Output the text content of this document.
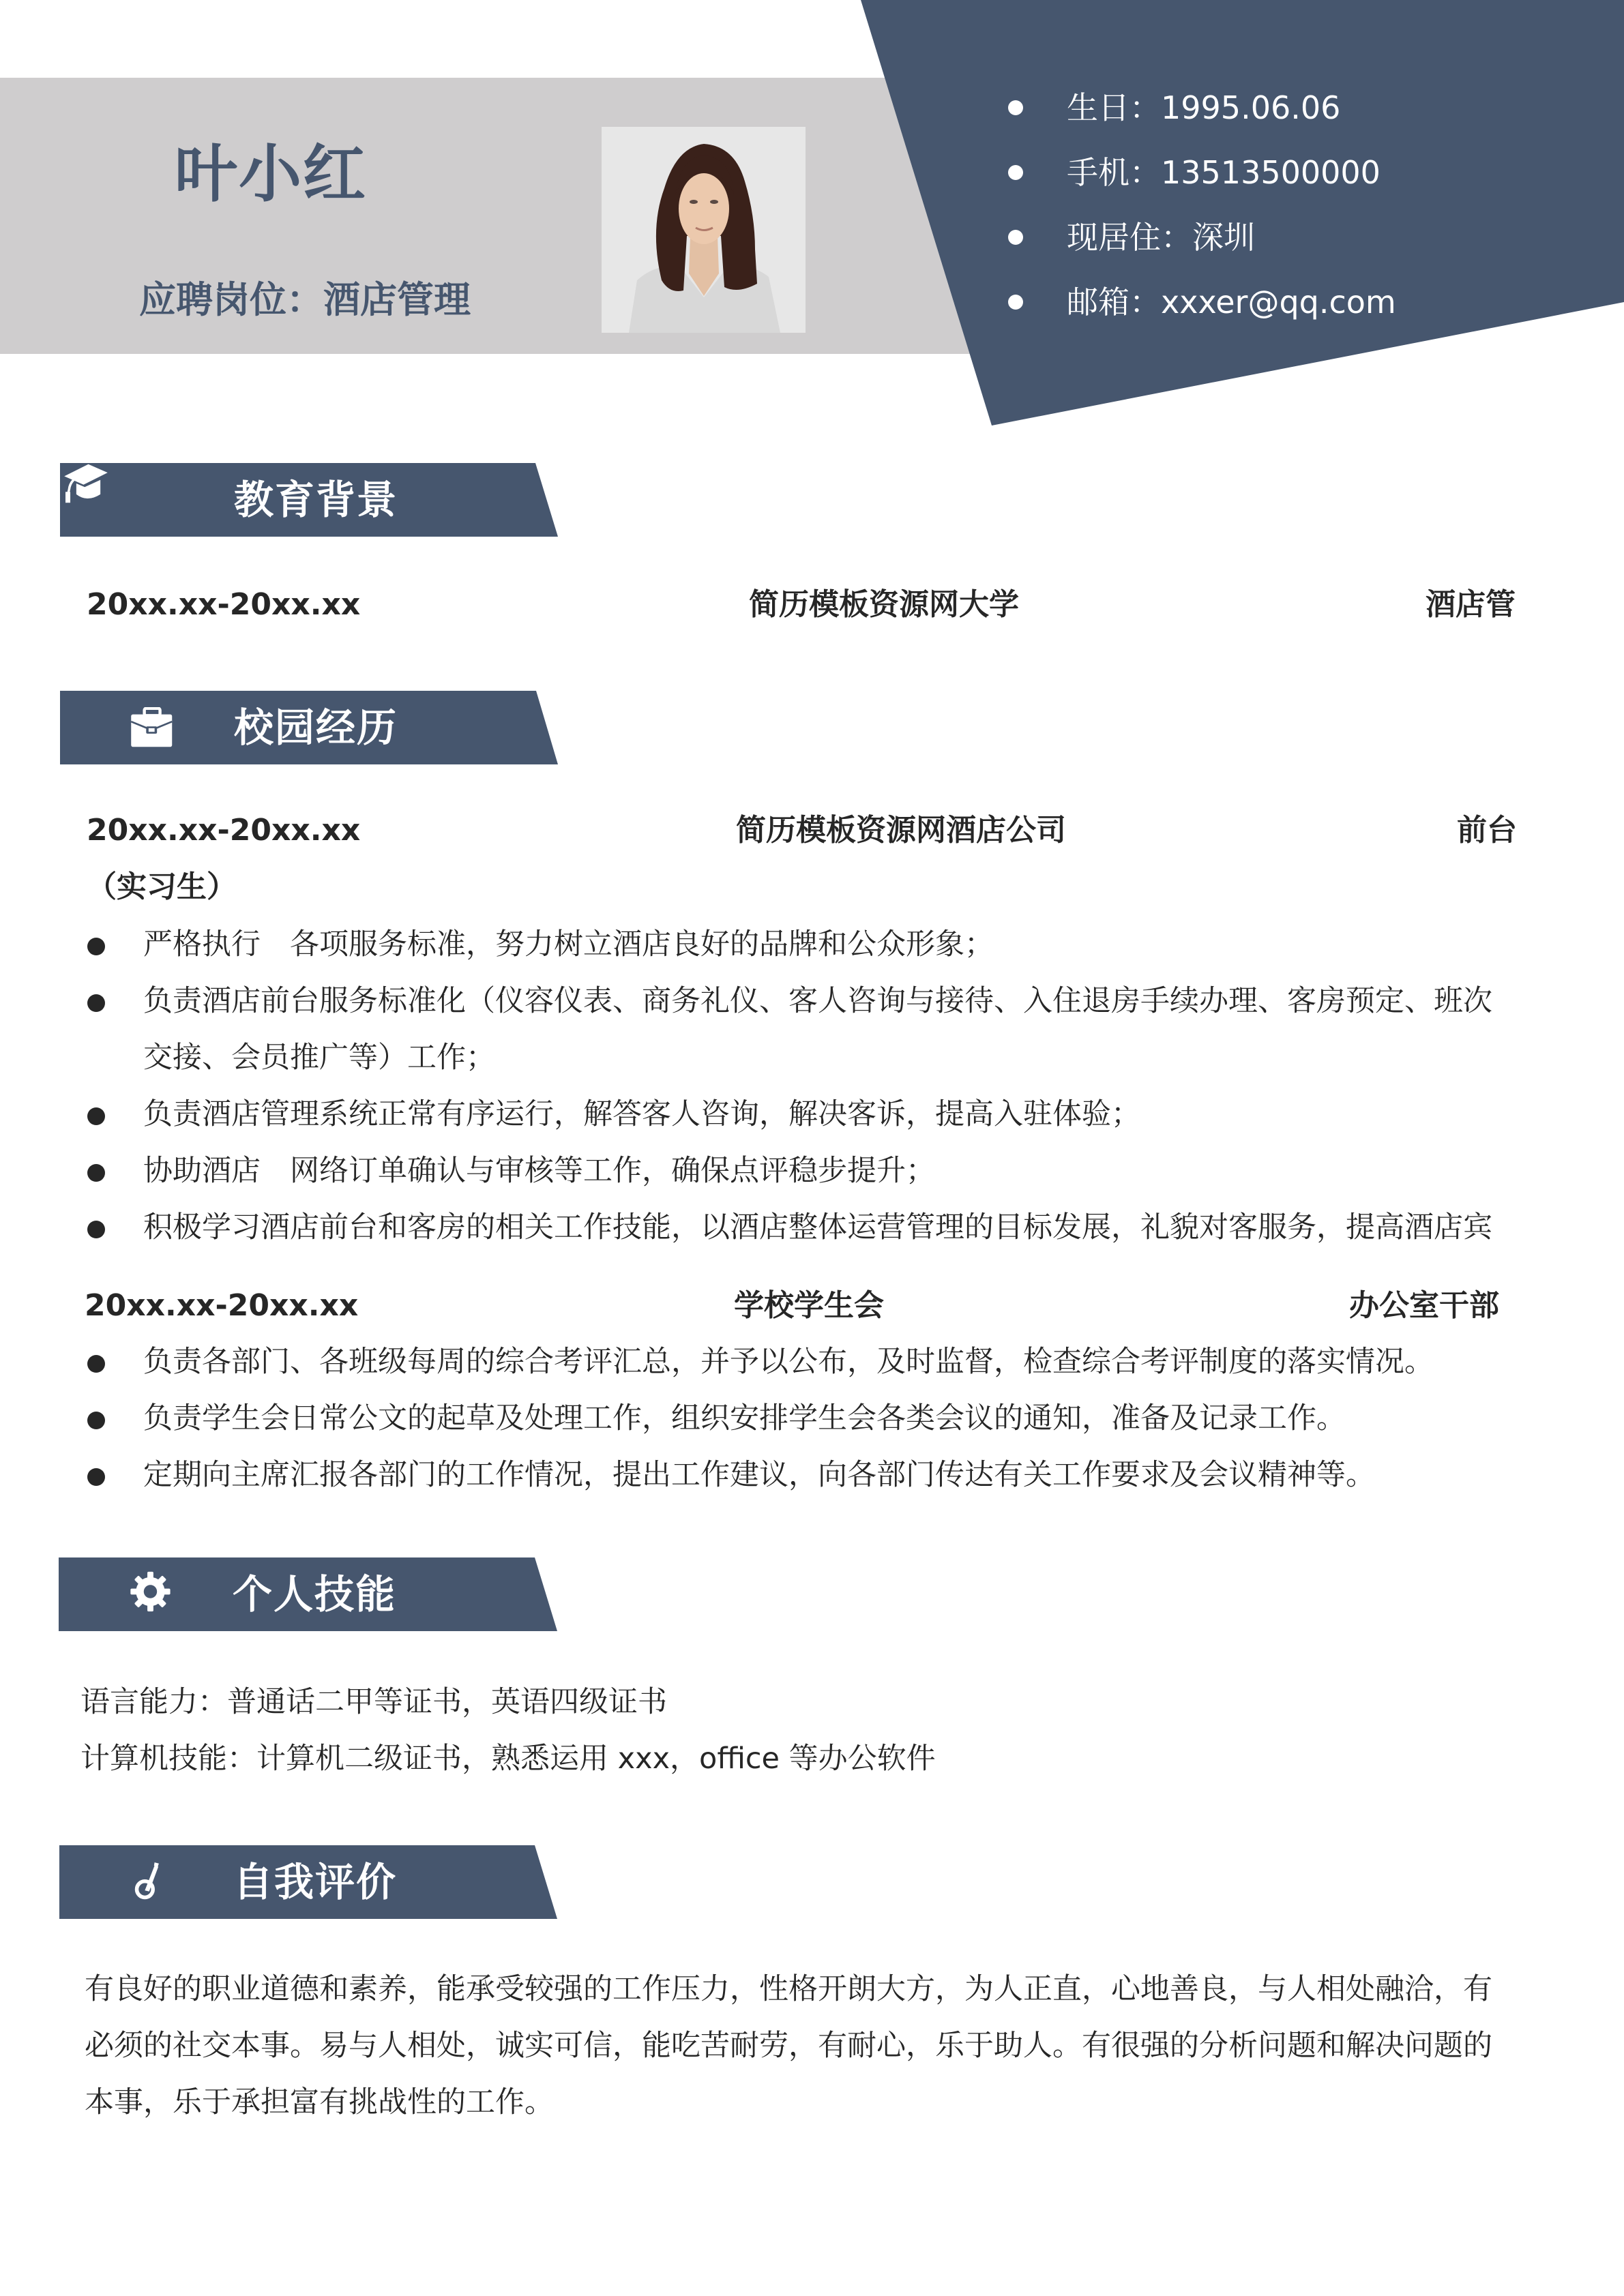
叶小红
应聘岗位：酒店管理
生日：1995.06.06
手机：13513500000
现居住：深圳
邮箱：xxxer@qq.com
教育背景
20xx.xx-20xx.xx	简历模板资源网大学	酒店管
校园经历
20xx.xx-20xx.xx	简历模板资源网酒店公司	前台
（实习生）
严格执行　各项服务标准，努力树立酒店良好的品牌和公众形象；
负责酒店前台服务标准化（仪容仪表、商务礼仪、客人咨询与接待、入住退房手续办理、客房预定、班次
交接、会员推广等）工作；
负责酒店管理系统正常有序运行，解答客人咨询，解决客诉，提高入驻体验；
协助酒店　网络订单确认与审核等工作，确保点评稳步提升；
积极学习酒店前台和客房的相关工作技能，以酒店整体运营管理的目标发展，礼貌对客服务，提高酒店宾
20xx.xx-20xx.xx	学校学生会	办公室干部
负责各部门、各班级每周的综合考评汇总，并予以公布，及时监督，检查综合考评制度的落实情况。
负责学生会日常公文的起草及处理工作，组织安排学生会各类会议的通知，准备及记录工作。
定期向主席汇报各部门的工作情况，提出工作建议，向各部门传达有关工作要求及会议精神等。
个人技能
语言能力：普通话二甲等证书，英语四级证书
计算机技能：计算机二级证书，熟悉运用 xxx，office 等办公软件
自我评价
有良好的职业道德和素养，能承受较强的工作压力，性格开朗大方，为人正直，心地善良，与人相处融洽，有
必须的社交本事。易与人相处，诚实可信，能吃苦耐劳，有耐心，乐于助人。有很强的分析问题和解决问题的
本事，乐于承担富有挑战性的工作。
